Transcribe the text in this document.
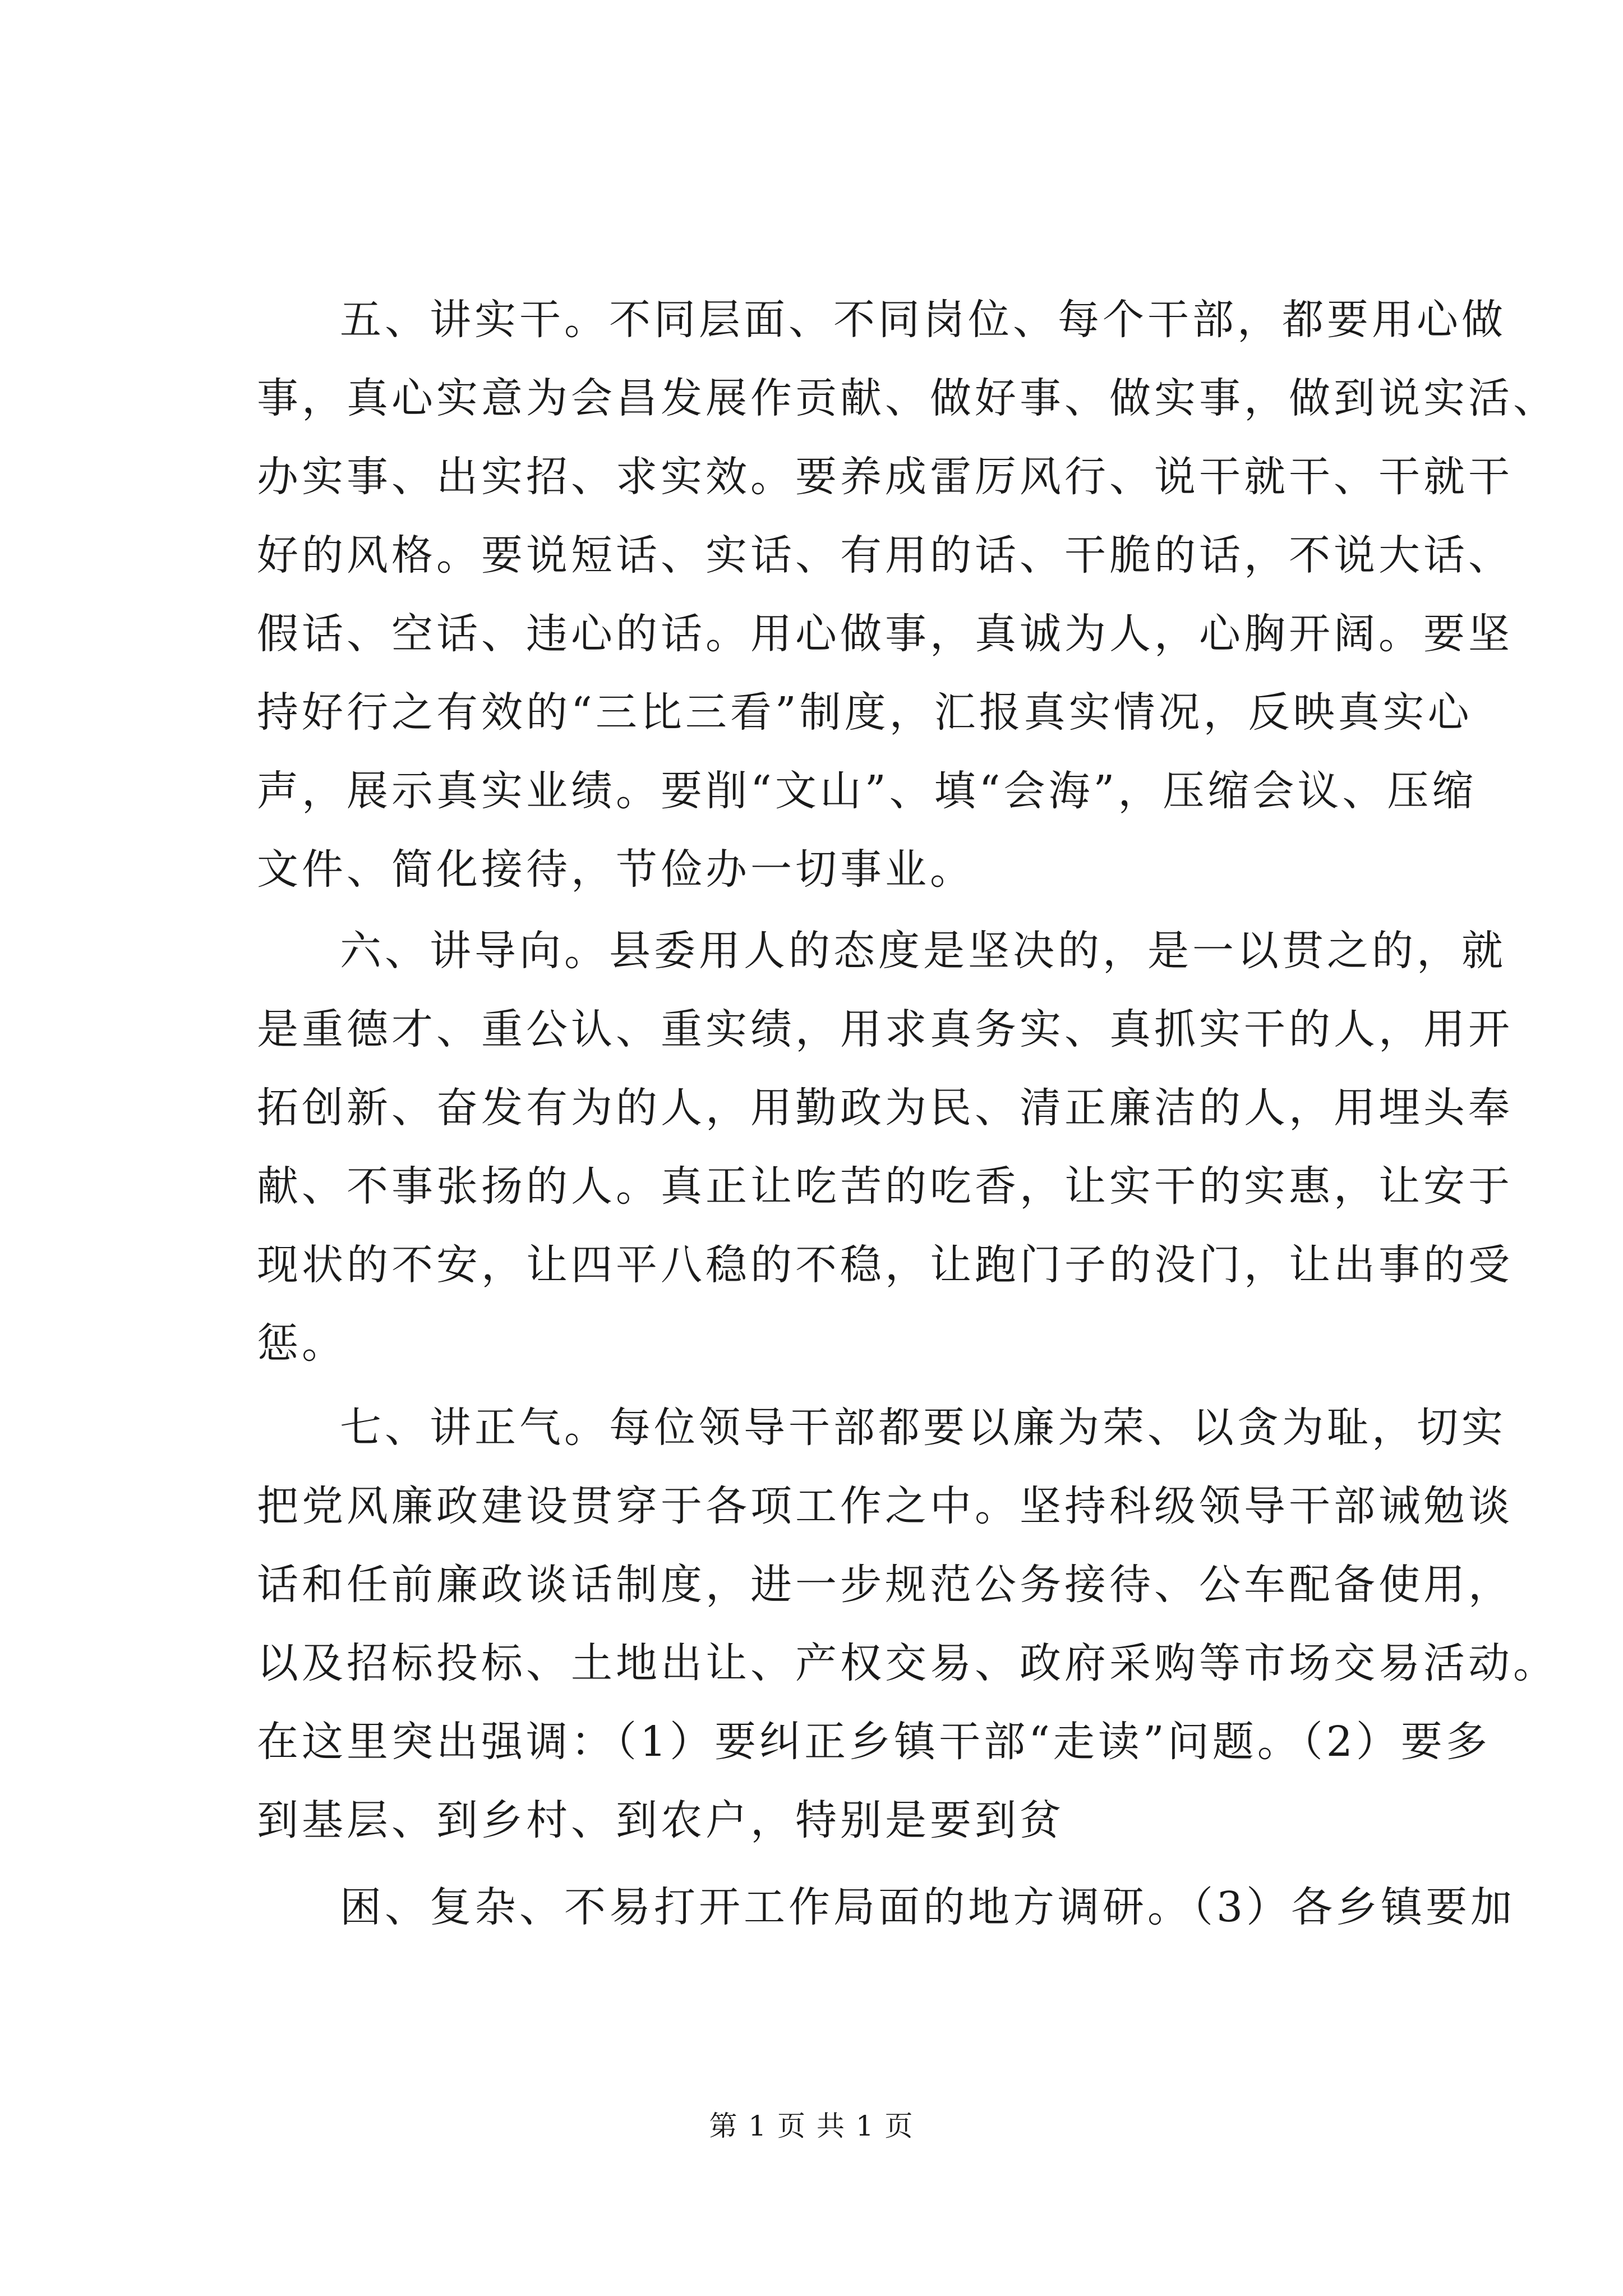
五、讲实干。不同层面、不同岗位、每个干部，都要用心做
事，真心实意为会昌发展作贡献、做好事、做实事，做到说实活、
办实事、出实招、求实效。要养成雷厉风行、说干就干、干就干
好的风格。要说短话、实话、有用的话、干脆的话，不说大话、
假话、空话、违心的话。用心做事，真诚为人，心胸开阔。要坚
持好行之有效的“三比三看”制度，汇报真实情况，反映真实心
声，展示真实业绩。要削“文山”、填“会海”，压缩会议、压缩
文件、简化接待，节俭办一切事业。
六、讲导向。县委用人的态度是坚决的，是一以贯之的，就
是重德才、重公认、重实绩，用求真务实、真抓实干的人，用开
拓创新、奋发有为的人，用勤政为民、清正廉洁的人，用埋头奉
献、不事张扬的人。真正让吃苦的吃香，让实干的实惠，让安于
现状的不安，让四平八稳的不稳，让跑门子的没门，让出事的受
惩。
七、讲正气。每位领导干部都要以廉为荣、以贪为耻，切实
把党风廉政建设贯穿于各项工作之中。坚持科级领导干部诫勉谈
话和任前廉政谈话制度，进一步规范公务接待、公车配备使用，
以及招标投标、土地出让、产权交易、政府采购等市场交易活动。
在这里突出强调：（1）要纠正乡镇干部“走读”问题。（2）要多
到基层、到乡村、到农户，特别是要到贫
困、复杂、不易打开工作局面的地方调研。（3）各乡镇要加
第 1 页 共 1 页
